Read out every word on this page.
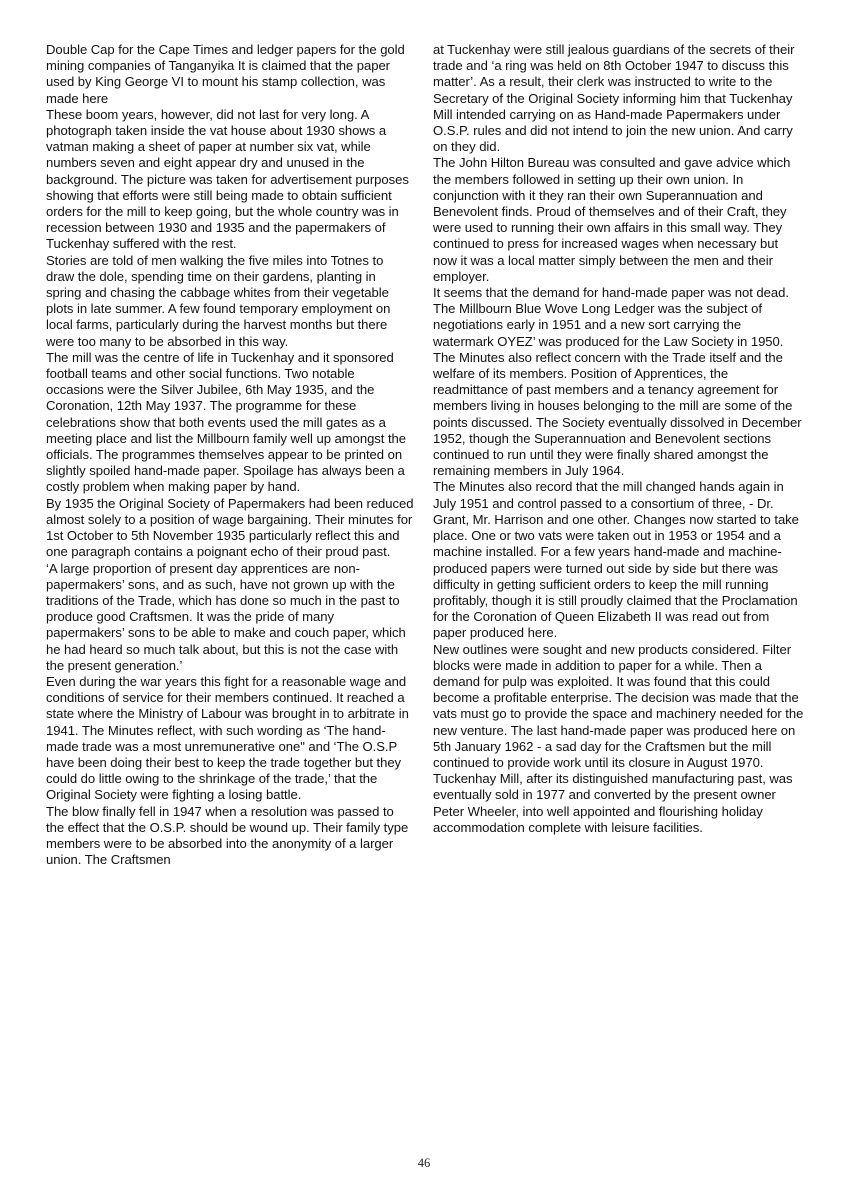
Double Cap for the Cape Times and ledger papers for the gold mining companies of Tanganyika It is claimed that the paper used by King George VI to mount his stamp collection, was made here

These boom years, however, did not last for very long. A photograph taken inside the vat house about 1930 shows a vatman making a sheet of paper at number six vat, while numbers seven and eight appear dry and unused in the background. The picture was taken for advertisement purposes showing that efforts were still being made to obtain sufficient orders for the mill to keep going, but the whole country was in recession between 1930 and 1935 and the papermakers of Tuckenhay suffered with the rest.

Stories are told of men walking the five miles into Totnes to draw the dole, spending time on their gardens, planting in spring and chasing the cabbage whites from their vegetable plots in late summer. A few found temporary employment on local farms, particularly during the harvest months but there were too many to be absorbed in this way.

The mill was the centre of life in Tuckenhay and it sponsored football teams and other social functions. Two notable occasions were the Silver Jubilee, 6th May 1935, and the Coronation, 12th May 1937. The programme for these celebrations show that both events used the mill gates as a meeting place and list the Millbourn family well up amongst the officials. The programmes themselves appear to be printed on slightly spoiled hand-made paper. Spoilage has always been a costly problem when making paper by hand.

By 1935 the Original Society of Papermakers had been reduced almost solely to a position of wage bargaining. Their minutes for 1st October to 5th November 1935 particularly reflect this and one paragraph contains a poignant echo of their proud past.

‘A large proportion of present day apprentices are non-papermakers’ sons, and as such, have not grown up with the traditions of the Trade, which has done so much in the past to produce good Craftsmen. It was the pride of many papermakers’ sons to be able to make and couch paper, which he had heard so much talk about, but this is not the case with the present generation.’

Even during the war years this fight for a reasonable wage and conditions of service for their members continued. It reached a state where the Ministry of Labour was brought in to arbitrate in 1941. The Minutes reflect, with such wording as ‘The hand-made trade was a most unremunerative one" and ‘The O.S.P have been doing their best to keep the trade together but they could do little owing to the shrinkage of the trade,’ that the Original Society were fighting a losing battle.

The blow finally fell in 1947 when a resolution was passed to the effect that the O.S.P. should be wound up. Their family type members were to be absorbed into the anonymity of a larger union. The Craftsmen

at Tuckenhay were still jealous guardians of the secrets of their trade and ‘a ring was held on 8th October 1947 to discuss this matter’. As a result, their clerk was instructed to write to the Secretary of the Original Society informing him that Tuckenhay Mill intended carrying on as Hand-made Papermakers under O.S.P. rules and did not intend to join the new union. And carry on they did.

The John Hilton Bureau was consulted and gave advice which the members followed in setting up their own union. In conjunction with it they ran their own Superannuation and Benevolent finds. Proud of themselves and of their Craft, they were used to running their own affairs in this small way. They continued to press for increased wages when necessary but now it was a local matter simply between the men and their employer.

It seems that the demand for hand-made paper was not dead. The Millbourn Blue Wove Long Ledger was the subject of negotiations early in 1951 and a new sort carrying the watermark OYEZ’ was produced for the Law Society in 1950. The Minutes also reflect concern with the Trade itself and the welfare of its members. Position of Apprentices, the readmittance of past members and a tenancy agreement for members living in houses belonging to the mill are some of the points discussed. The Society eventually dissolved in December 1952, though the Superannuation and Benevolent sections continued to run until they were finally shared amongst the remaining members in July 1964.

The Minutes also record that the mill changed hands again in July 1951 and control passed to a consortium of three, - Dr. Grant, Mr. Harrison and one other. Changes now started to take place. One or two vats were taken out in 1953 or 1954 and a machine installed. For a few years hand-made and machine-produced papers were turned out side by side but there was difficulty in getting sufficient orders to keep the mill running profitably, though it is still proudly claimed that the Proclamation for the Coronation of Queen Elizabeth II was read out from paper produced here.

New outlines were sought and new products considered. Filter blocks were made in addition to paper for a while. Then a demand for pulp was exploited. It was found that this could become a profitable enterprise. The decision was made that the vats must go to provide the space and machinery needed for the new venture. The last hand-made paper was produced here on 5th January 1962 - a sad day for the Craftsmen but the mill continued to provide work until its closure in August 1970.

Tuckenhay Mill, after its distinguished manufacturing past, was eventually sold in 1977 and converted by the present owner Peter Wheeler, into well appointed and flourishing holiday accommodation complete with leisure facilities.

46
